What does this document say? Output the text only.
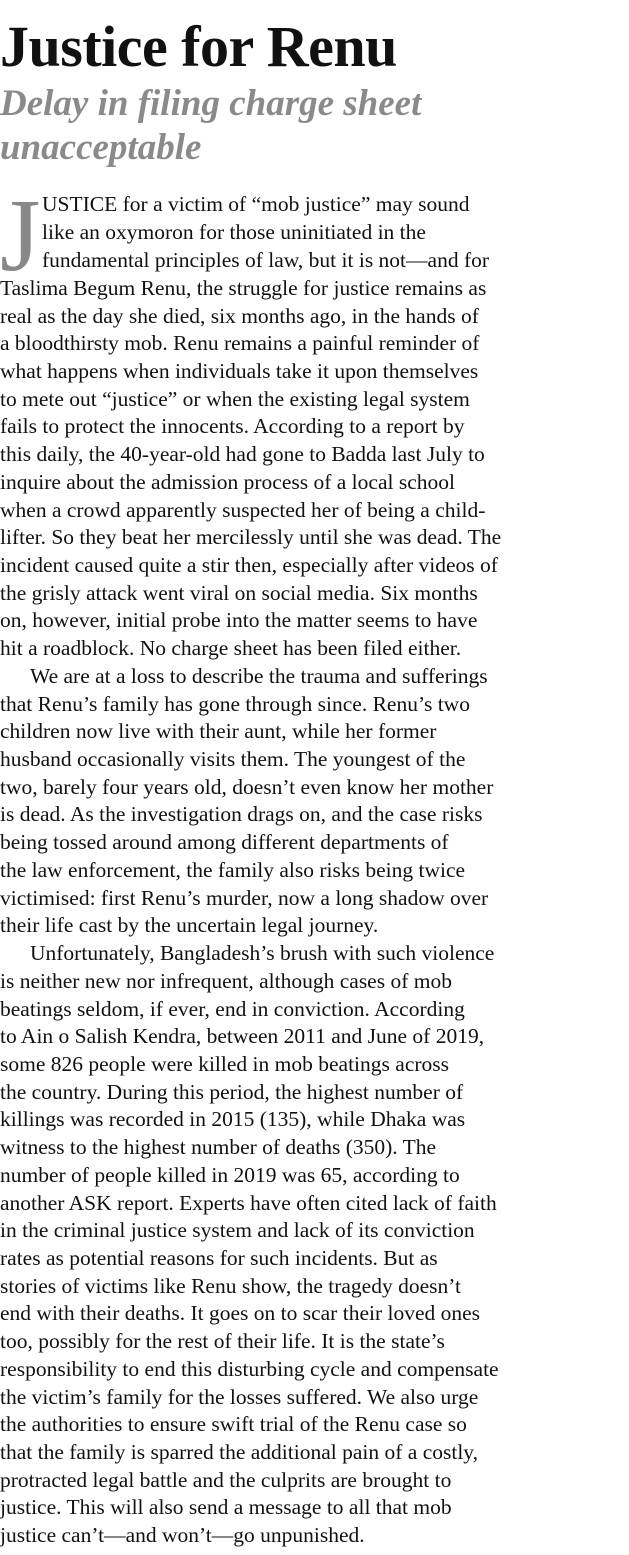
Justice for Renu
Delay in filing charge sheet
unacceptable
J USTICE for a victim of “mob justice” may sound
like an oxymoron for those uninitiated in the
fundamental principles of law, but it is not—and for
Taslima Begum Renu, the struggle for justice remains as
real as the day she died, six months ago, in the hands of
a bloodthirsty mob. Renu remains a painful reminder of
what happens when individuals take it upon themselves
to mete out “justice” or when the existing legal system
fails to protect the innocents. According to a report by
this daily, the 40-year-old had gone to Badda last July to
inquire about the admission process of a local school
when a crowd apparently suspected her of being a child-
lifter. So they beat her mercilessly until she was dead. The
incident caused quite a stir then, especially after videos of
the grisly attack went viral on social media. Six months
on, however, initial probe into the matter seems to have
hit a roadblock. No charge sheet has been filed either.
We are at a loss to describe the trauma and sufferings
that Renu’s family has gone through since. Renu’s two
children now live with their aunt, while her former
husband occasionally visits them. The youngest of the
two, barely four years old, doesn’t even know her mother
is dead. As the investigation drags on, and the case risks
being tossed around among different departments of
the law enforcement, the family also risks being twice
victimised: first Renu’s murder, now a long shadow over
their life cast by the uncertain legal journey.
Unfortunately, Bangladesh’s brush with such violence
is neither new nor infrequent, although cases of mob
beatings seldom, if ever, end in conviction. According
to Ain o Salish Kendra, between 2011 and June of 2019,
some 826 people were killed in mob beatings across
the country. During this period, the highest number of
killings was recorded in 2015 (135), while Dhaka was
witness to the highest number of deaths (350). The
number of people killed in 2019 was 65, according to
another ASK report. Experts have often cited lack of faith
in the criminal justice system and lack of its conviction
rates as potential reasons for such incidents. But as
stories of victims like Renu show, the tragedy doesn’t
end with their deaths. It goes on to scar their loved ones
too, possibly for the rest of their life. It is the state’s
responsibility to end this disturbing cycle and compensate
the victim’s family for the losses suffered. We also urge
the authorities to ensure swift trial of the Renu case so
that the family is sparred the additional pain of a costly,
protracted legal battle and the culprits are brought to
justice. This will also send a message to all that mob
justice can’t—and won’t—go unpunished.
